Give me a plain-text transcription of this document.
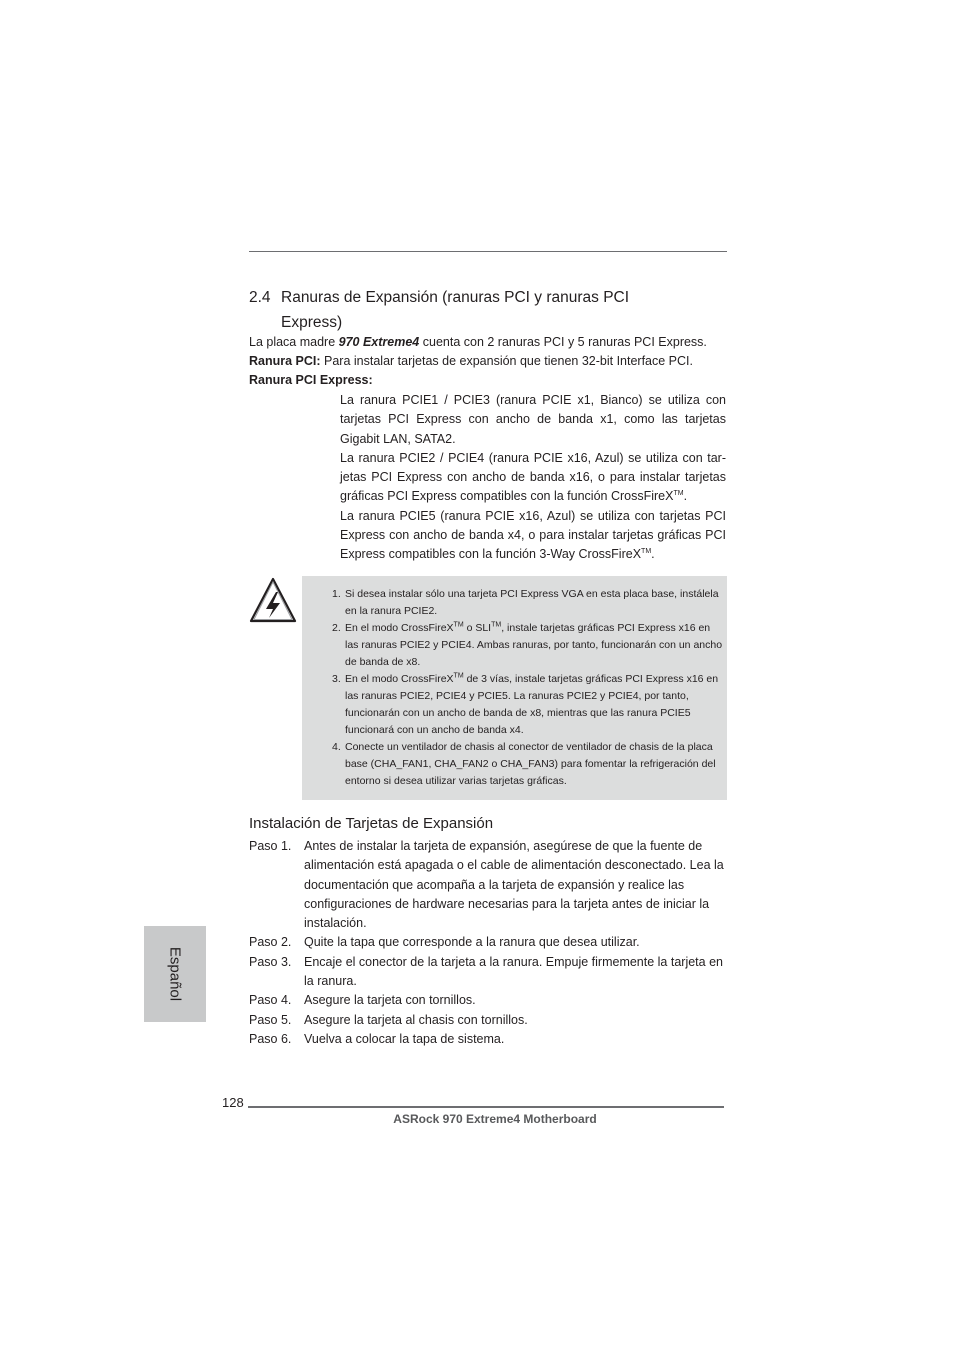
2.4 Ranuras de Expansión (ranuras PCI y ranuras PCI
Express)
La placa madre 970 Extreme4 cuenta con 2 ranuras PCI y 5 ranuras PCI Express.
Ranura PCI: Para instalar tarjetas de expansión que tienen 32-bit Interface PCI.
Ranura PCI Express:

La ranura PCIE1 / PCIE3 (ranura PCIE x1, Bianco) se utiliza con tarjetas PCI Express con ancho de banda x1, como las tarjetas Gigabit LAN, SATA2.

La ranura PCIE2 / PCIE4 (ranura PCIE x16, Azul) se utiliza con tar-jetas PCI Express con ancho de banda x16, o para instalar tarjetas gráficas PCI Express compatibles con la función CrossFireX™.

La ranura PCIE5 (ranura PCIE x16, Azul) se utiliza con tarjetas PCI Express con ancho de banda x4, o para instalar tarjetas gráficas PCI Express compatibles con la función 3-Way CrossFireX™.

1. Si desea instalar sólo una tarjeta PCI Express VGA en esta placa base, instálela en la ranura PCIE2.
2. En el modo CrossFireX™ o SLI™, instale tarjetas gráficas PCI Express x16 en las ranuras PCIE2 y PCIE4. Ambas ranuras, por tanto, funcionarán con un ancho de banda de x8.
3. En el modo CrossFireX™ de 3 vías, instale tarjetas gráficas PCI Express x16 en las ranuras PCIE2, PCIE4 y PCIE5. La ranuras PCIE2 y PCIE4, por tanto, funcionarán con un ancho de banda de x8, mientras que las ranura PCIE5 funcionará con un ancho de banda x4.
4. Conecte un ventilador de chasis al conector de ventilador de chasis de la placa base (CHA_FAN1, CHA_FAN2 o CHA_FAN3) para fomentar la refrigeración del entorno si desea utilizar varias tarjetas gráficas.
Instalación de Tarjetas de Expansión
Paso 1. Antes de instalar la tarjeta de expansión, asegúrese de que la fuente de alimentación está apagada o el cable de alimentación desconectado. Lea la documentación que acompaña a la tarjeta de expansión y realice las configuraciones de hardware necesarias para la tarjeta antes de iniciar la instalación.
Paso 2. Quite la tapa que corresponde a la ranura que desea utilizar.
Paso 3. Encaje el conector de la tarjeta a la ranura. Empuje firmemente la tarjeta en la ranura.
Paso 4. Asegure la tarjeta con tornillos.
Paso 5. Asegure la tarjeta al chasis con tornillos.
Paso 6. Vuelva a colocar la tapa de sistema.
Español
128
ASRock 970 Extreme4 Motherboard
